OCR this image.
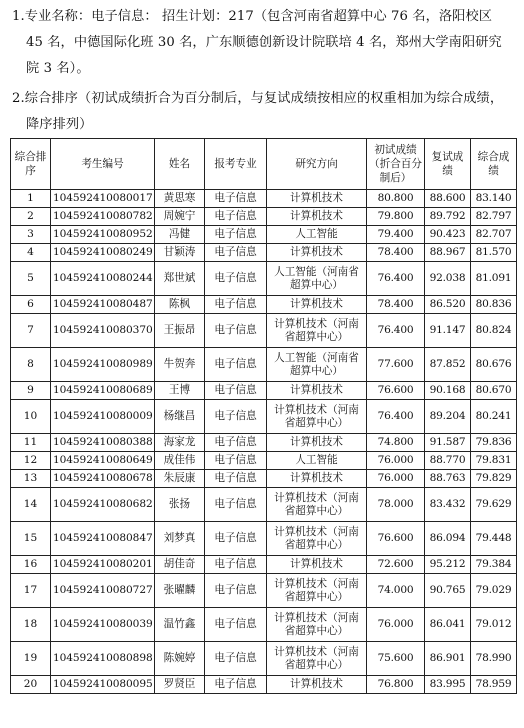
1.专业名称：电子信息： 招生计划：217（包含河南省超算中心 76 名，洛阳校区 45 名，中德国际化班 30 名，广东顺德创新设计院联培 4 名，郑州大学南阳研究院 3 名）。

2.综合排序（初试成绩折合为百分制后，与复试成绩按相应的权重相加为综合成绩， 降序排列）

综合排序	考生编号	姓名	报考专业	研究方向	初试成绩（折合百分制后）	复试成绩	综合成绩
1	104592410080017	黄思寒	电子信息	计算机技术	80.800	88.600	83.140
2	104592410080782	周婉宁	电子信息	计算机技术	79.800	89.792	82.797
3	104592410080952	冯健	电子信息	人工智能	79.400	90.423	82.707
4	104592410080249	甘颖涛	电子信息	计算机技术	78.400	88.967	81.570
5	104592410080244	郑世斌	电子信息	人工智能（河南省超算中心）	76.400	92.038	81.091
6	104592410080487	陈枫	电子信息	计算机技术	78.400	86.520	80.836
7	104592410080370	王振昂	电子信息	计算机技术（河南省超算中心）	76.400	91.147	80.824
8	104592410080989	牛贺奔	电子信息	人工智能（河南省超算中心）	77.600	87.852	80.676
9	104592410080689	王博	电子信息	计算机技术	76.600	90.168	80.670
10	104592410080009	杨继昌	电子信息	计算机技术（河南省超算中心）	76.400	89.204	80.241
11	104592410080388	海家龙	电子信息	计算机技术	74.800	91.587	79.836
12	104592410080649	成佳伟	电子信息	人工智能	76.000	88.770	79.831
13	104592410080678	朱辰康	电子信息	计算机技术	76.000	88.763	79.829
14	104592410080682	张扬	电子信息	计算机技术（河南省超算中心）	78.000	83.432	79.629
15	104592410080847	刘梦真	电子信息	计算机技术（河南省超算中心）	76.600	86.094	79.448
16	104592410080201	胡佳奇	电子信息	计算机技术	72.600	95.212	79.384
17	104592410080727	张曜麟	电子信息	计算机技术（河南省超算中心）	74.000	90.765	79.029
18	104592410080039	温竹鑫	电子信息	计算机技术（河南省超算中心）	76.000	86.041	79.012
19	104592410080898	陈婉婷	电子信息	计算机技术（河南省超算中心）	75.600	86.901	78.990
20	104592410080095	罗贤臣	电子信息	计算机技术	76.800	83.995	78.959
